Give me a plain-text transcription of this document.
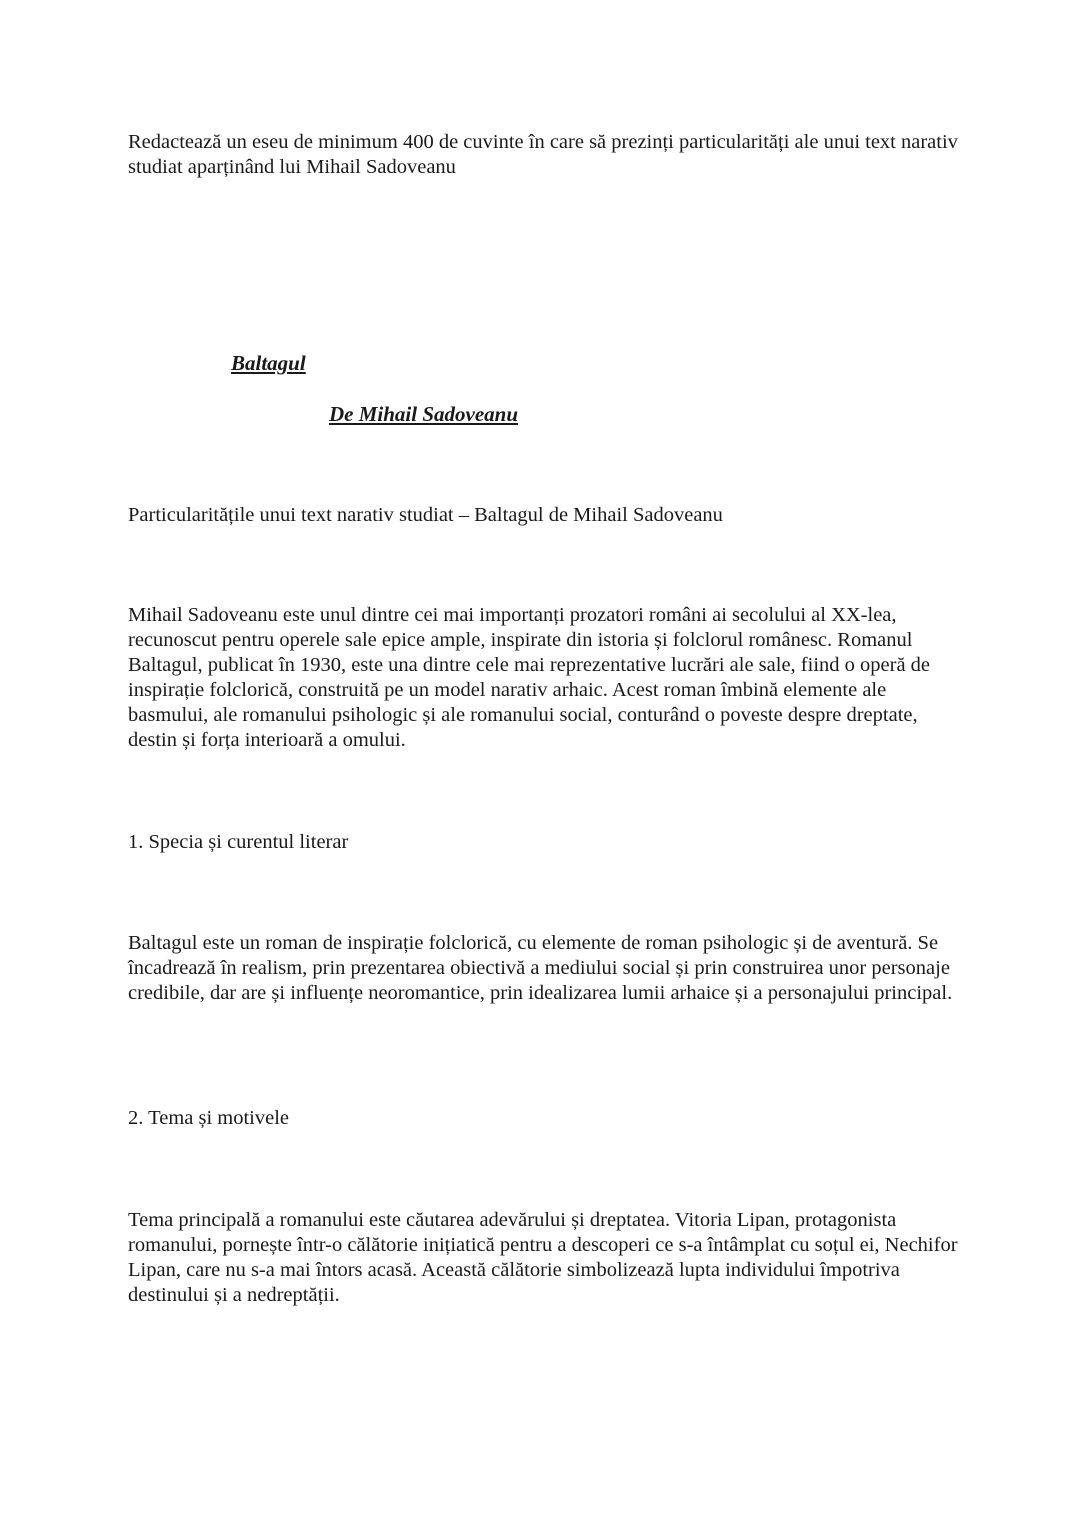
Redactează un eseu de minimum 400 de cuvinte în care să prezinți particularități ale unui text narativ studiat aparținând lui Mihail Sadoveanu

Baltagul

De Mihail Sadoveanu

Particularitățile unui text narativ studiat – Baltagul de Mihail Sadoveanu

Mihail Sadoveanu este unul dintre cei mai importanți prozatori români ai secolului al XX-lea, recunoscut pentru operele sale epice ample, inspirate din istoria și folclorul românesc. Romanul Baltagul, publicat în 1930, este una dintre cele mai reprezentative lucrări ale sale, fiind o operă de inspirație folclorică, construită pe un model narativ arhaic. Acest roman îmbină elemente ale basmului, ale romanului psihologic și ale romanului social, conturând o poveste despre dreptate, destin și forța interioară a omului.

1. Specia și curentul literar

Baltagul este un roman de inspirație folclorică, cu elemente de roman psihologic și de aventură. Se încadrează în realism, prin prezentarea obiectivă a mediului social și prin construirea unor personaje credibile, dar are și influențe neoromantice, prin idealizarea lumii arhaice și a personajului principal.

2. Tema și motivele

Tema principală a romanului este căutarea adevărului și dreptatea. Vitoria Lipan, protagonista romanului, pornește într-o călătorie inițiatică pentru a descoperi ce s-a întâmplat cu soțul ei, Nechifor Lipan, care nu s-a mai întors acasă. Această călătorie simbolizează lupta individului împotriva destinului și a nedreptății.
